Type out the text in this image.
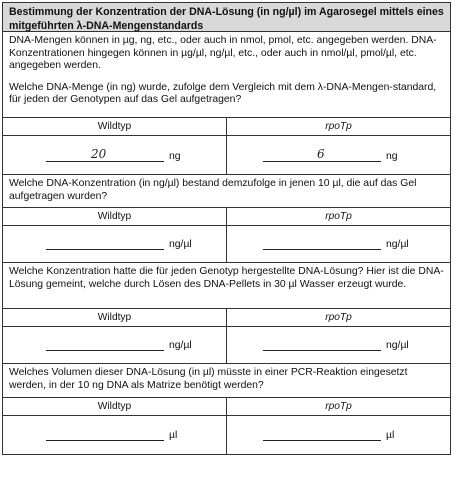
Bestimmung der Konzentration der DNA-Lösung (in ng/µl) im Agarosegel mittels eines mitgeführten λ-DNA-Mengenstandards

DNA-Mengen können in µg, ng, etc., oder auch in nmol, pmol, etc. angegeben werden. DNA-Konzentrationen hingegen können in µg/µl, ng/µl, etc., oder auch in nmol/µl, pmol/µl, etc. angegeben werden.

Welche DNA-Menge (in ng) wurde, zufolge dem Vergleich mit dem λ-DNA-Mengen-standard, für jeden der Genotypen auf das Gel aufgetragen?

Wildtyp	rpoTp
20	ng	6	ng

Welche DNA-Konzentration (in ng/µl) bestand demzufolge in jenen 10 µl, die auf das Gel aufgetragen wurden?

Wildtyp	rpoTp
ng/µl	ng/µl

Welche Konzentration hatte die für jeden Genotyp hergestellte DNA-Lösung? Hier ist die DNA-Lösung gemeint, welche durch Lösen des DNA-Pellets in 30 µl Wasser erzeugt wurde.

Wildtyp	rpoTp
ng/µl	ng/µl

Welches Volumen dieser DNA-Lösung (in µl) müsste in einer PCR-Reaktion eingesetzt werden, in der 10 ng DNA als Matrize benötigt werden?

Wildtyp	rpoTp
µl	µl
